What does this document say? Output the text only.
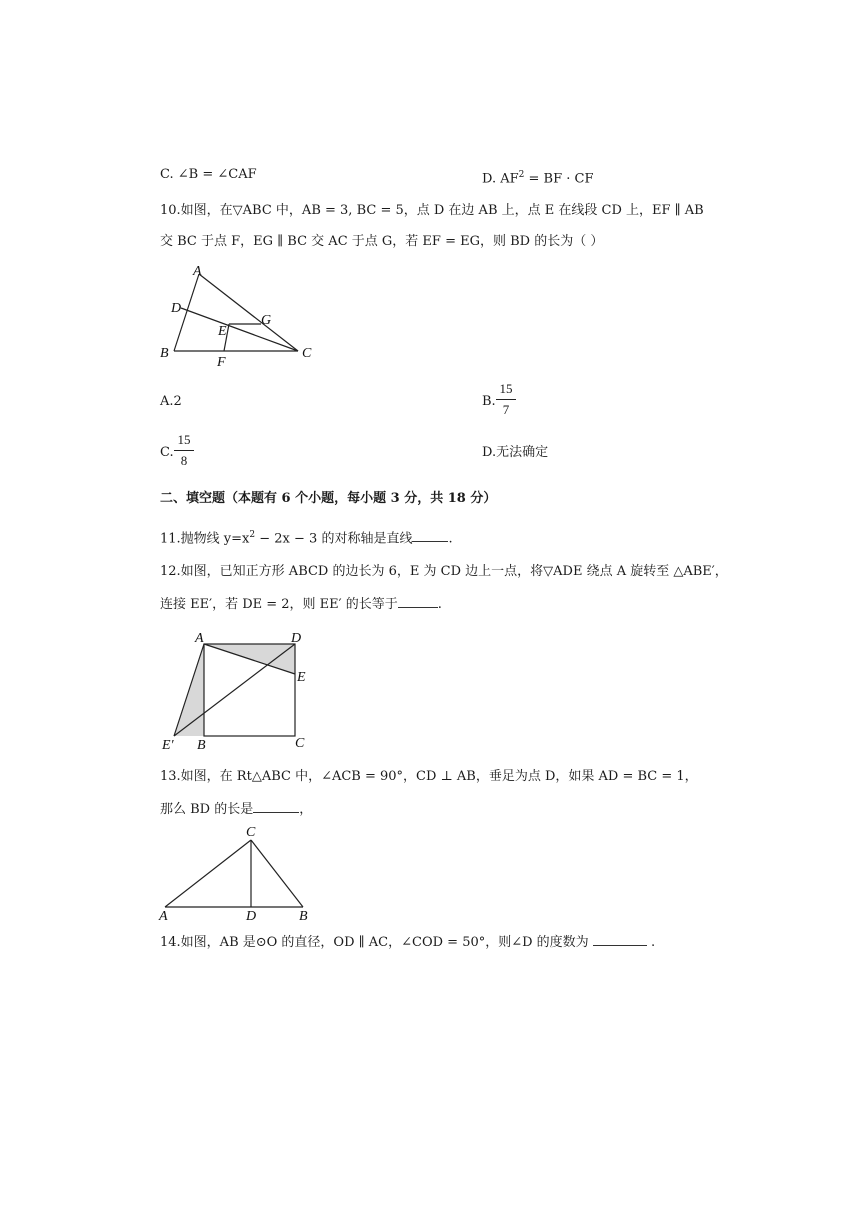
C. ∠B = ∠CAF	D. $AF^2$ = BF · CF
10.如图，在▽ABC 中，AB = 3, BC = 5，点 D 在边 AB 上，点 E 在线段 CD 上，EF ∥ AB
交 BC 于点 F，EG ∥ BC 交 AC 于点 G，若 EF = EG，则 BD 的长为（ ）
A
D
E
G
B
F
C
A.2	B.
15
7
C.
15
8
D.无法确定
二、填空题（本题有 6 个小题，每小题 3 分，共 18 分）
11.抛物线 $y=x^2 - 2x - 3$ 的对称轴是直线	.
12.如图，已知正方形 ABCD 的边长为 6，E 为 CD 边上一点，将▽ADE 绕点 A 旋转至 △ABE′，
连接 EE′，若 DE = 2，则 EE′ 的长等于	.
A	D
E
E′ B	C
13.如图，在 Rt△ABC 中，∠ACB = 90°，CD ⊥ AB，垂足为点 D，如果 AD = BC = 1，
那么 BD 的长是	，
C
A	D	B
14.如图，AB 是⊙O 的直径，OD ∥ AC，∠COD = 50°，则∠D 的度数为	.
